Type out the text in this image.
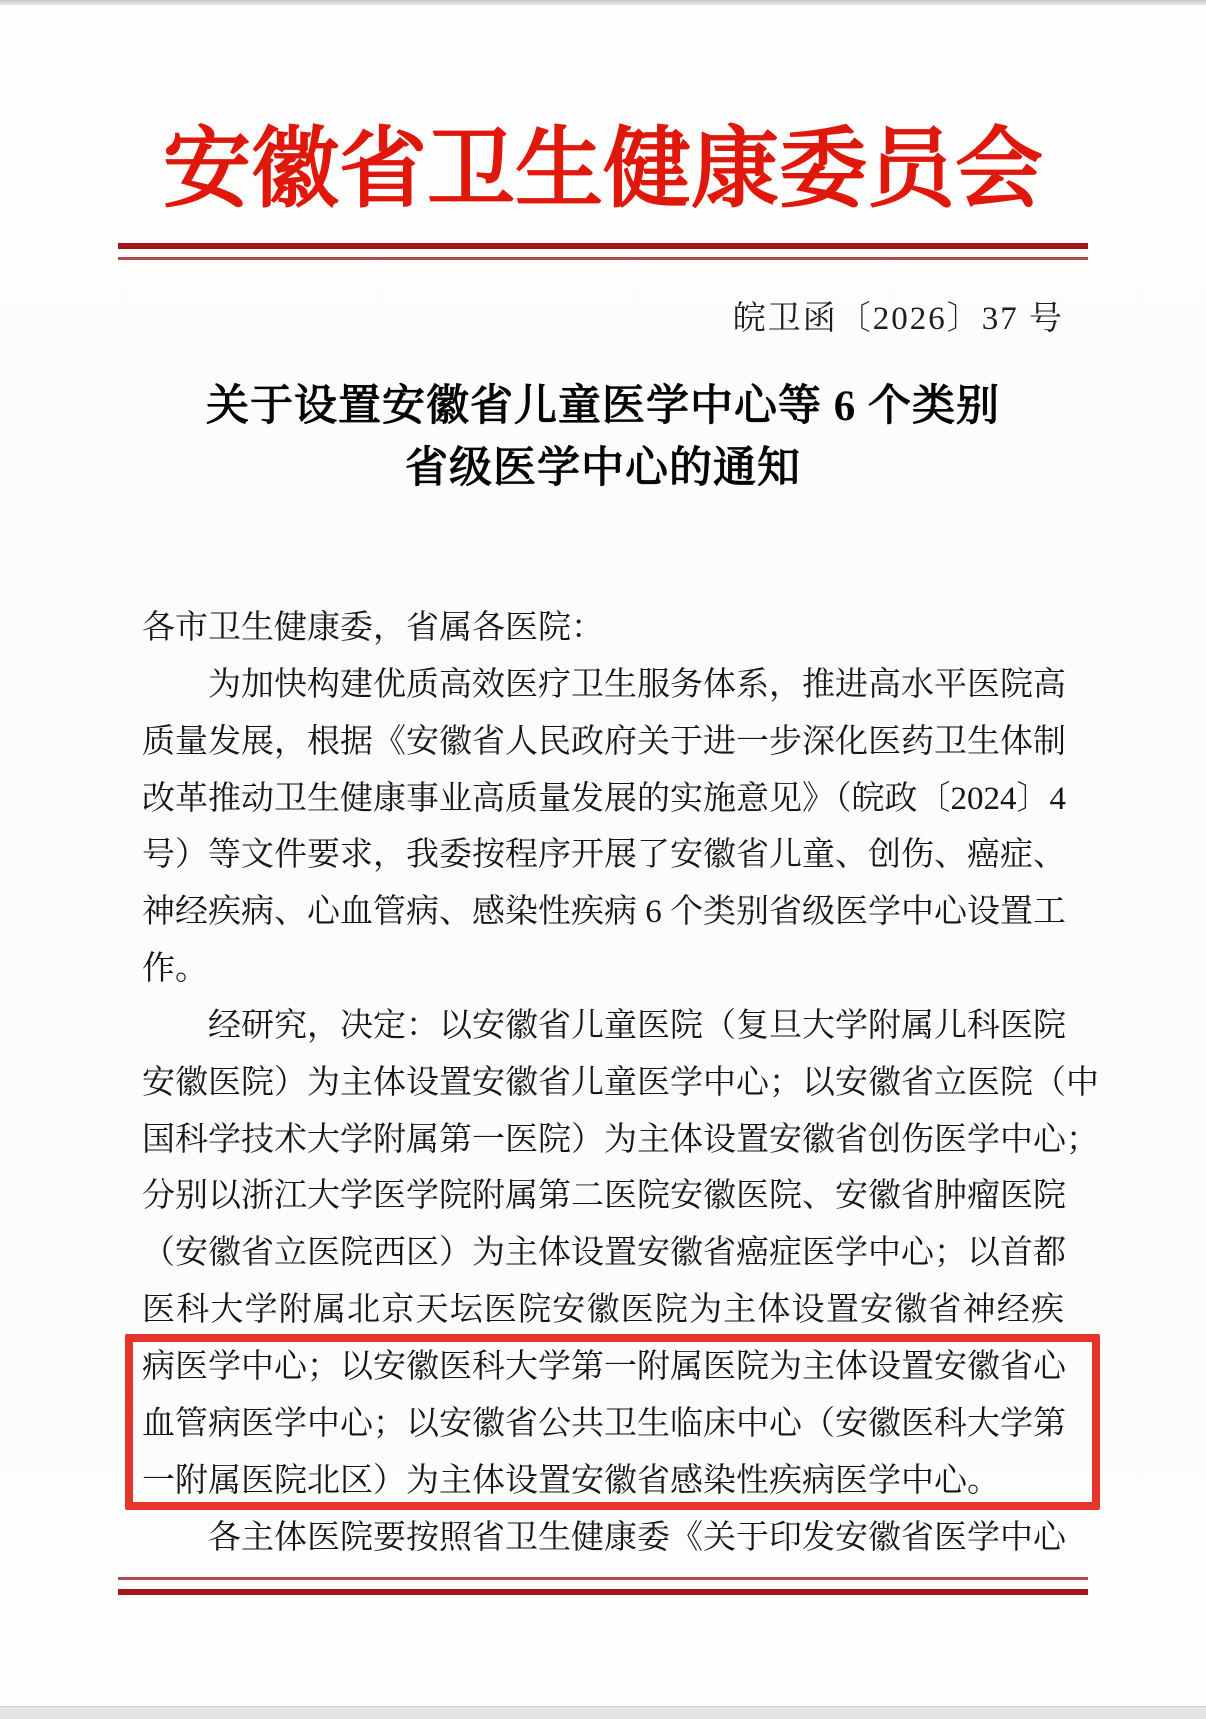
安徽省卫生健康委员会
皖卫函〔2026〕37 号
关于设置安徽省儿童医学中心等 6 个类别
省级医学中心的通知
各市卫生健康委，省属各医院：
为加快构建优质高效医疗卫生服务体系，推进高水平医院高
质量发展，根据《安徽省人民政府关于进一步深化医药卫生体制
改革推动卫生健康事业高质量发展的实施意见》（皖政〔2024〕4
号）等文件要求，我委按程序开展了安徽省儿童、创伤、癌症、
神经疾病、心血管病、感染性疾病 6 个类别省级医学中心设置工
作。
经研究，决定：以安徽省儿童医院（复旦大学附属儿科医院
安徽医院）为主体设置安徽省儿童医学中心；以安徽省立医院（中
国科学技术大学附属第一医院）为主体设置安徽省创伤医学中心；
分别以浙江大学医学院附属第二医院安徽医院、安徽省肿瘤医院
（安徽省立医院西区）为主体设置安徽省癌症医学中心；以首都
医科大学附属北京天坛医院安徽医院为主体设置安徽省神经疾
病医学中心；以安徽医科大学第一附属医院为主体设置安徽省心
血管病医学中心；以安徽省公共卫生临床中心（安徽医科大学第
一附属医院北区）为主体设置安徽省感染性疾病医学中心。
各主体医院要按照省卫生健康委《关于印发安徽省医学中心
